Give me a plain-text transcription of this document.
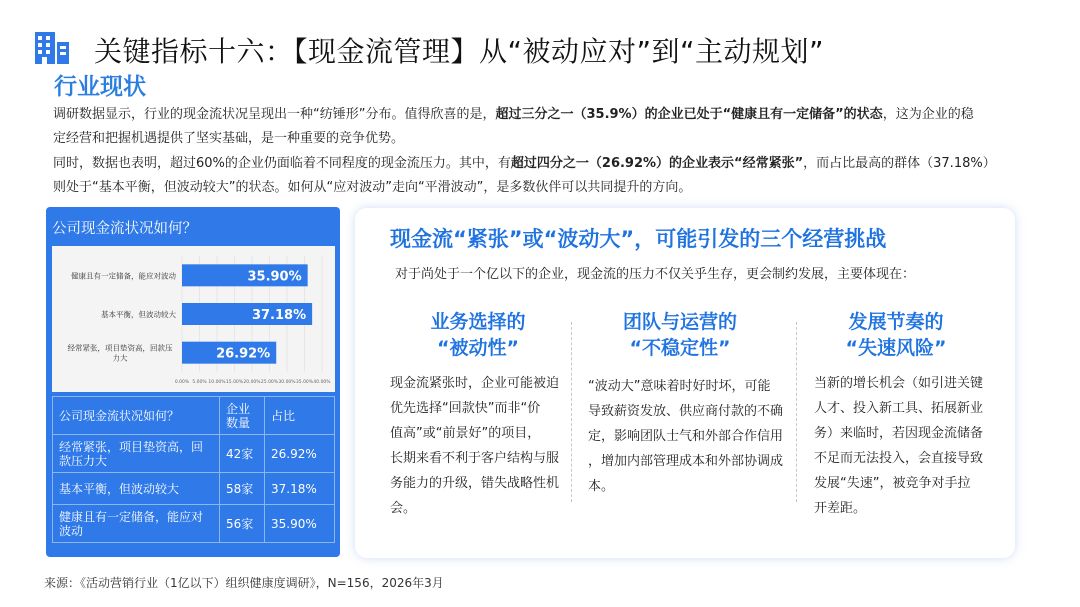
关键指标十六：【现金流管理】从“被动应对”到“主动规划”
行业现状
调研数据显示，行业的现金流状况呈现出一种“纺锤形”分布。值得欣喜的是，超过三分之一（35.9%）的企业已处于“健康且有一定储备”的状态，这为企业的稳
定经营和把握机遇提供了坚实基础，是一种重要的竞争优势。
同时，数据也表明，超过60%的企业仍面临着不同程度的现金流压力。其中，有超过四分之一（26.92%）的企业表示“经常紧张”，而占比最高的群体（37.18%）
则处于“基本平衡，但波动较大”的状态。如何从“应对波动”走向“平滑波动”，是多数伙伴可以共同提升的方向。
公司现金流状况如何？
0.00% 5.00% 10.00% 15.00% 20.00% 25.00% 30.00% 35.00% 40.00%
35.90%
健康且有一定储备，能应对波动
37.18%
基本平衡，但波动较大
26.92%
经常紧张，项目垫资高，回款压
力大
公司现金流状况如何？	企业数量	占比
经常紧张，项目垫资高，回款压力大	42家	26.92%
基本平衡，但波动较大	58家	37.18%
健康且有一定储备，能应对波动	56家	35.90%
现金流“紧张”或“波动大”，可能引发的三个经营挑战
对于尚处于一个亿以下的企业，现金流的压力不仅关乎生存，更会制约发展，主要体现在：
业务选择的
“被动性”
团队与运营的
“不稳定性”
发展节奏的
“失速风险”
现金流紧张时，企业可能被迫
优先选择“回款快”而非“价
值高”或“前景好”的项目，
长期来看不利于客户结构与服
务能力的升级，错失战略性机
会。
“波动大”意味着时好时坏，可能
导致薪资发放、供应商付款的不确
定，影响团队士气和外部合作信用
，增加内部管理成本和外部协调成
本。
当新的增长机会（如引进关键
人才、投入新工具、拓展新业
务）来临时，若因现金流储备
不足而无法投入，会直接导致
发展“失速”，被竞争对手拉
开差距。
来源：《活动营销行业（1亿以下）组织健康度调研》，N=156，2026年3月
